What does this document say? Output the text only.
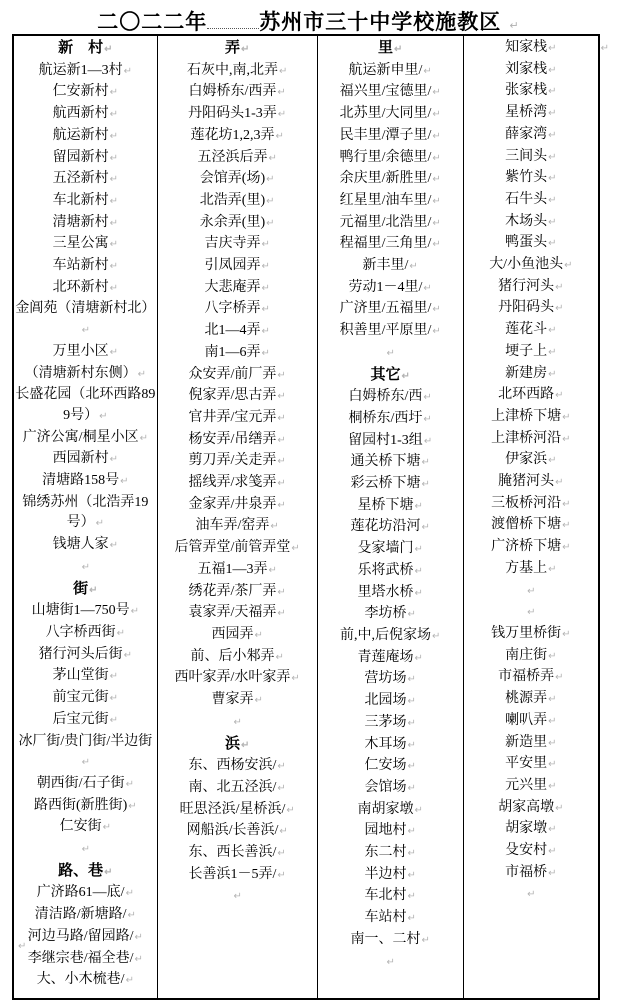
二〇二二年 苏州市三十中学校施教区 ↵
新　村 ↵
航运新1—3村 ↵
仁安新村 ↵
航西新村 ↵
航运新村 ↵
留园新村 ↵
五泾新村 ↵
车北新村 ↵
清塘新村 ↵
三星公寓 ↵
车站新村 ↵
北环新村 ↵
金阊苑（清塘新村北） ↵
万里小区 ↵
（清塘新村东侧） ↵
长盛花园（北环西路899号） ↵
广济公寓/桐星小区 ↵
西园新村 ↵
清塘路158号 ↵
锦绣苏州（北浩弄19号） ↵
钱塘人家 ↵
↵
街 ↵
山塘街1—750号 ↵
八字桥西街 ↵
猪行河头后街 ↵
茅山堂街 ↵
前宝元街 ↵
后宝元街 ↵
冰厂街/贵门街/半边街 ↵
朝西街/石子街 ↵
路西街(新胜街) ↵
仁安街 ↵
↵
路、巷 ↵
广济路61—底/ ↵
清洁路/新塘路/ ↵
河边马路/留园路/ ↵
李继宗巷/福全巷/ ↵
大、小木梳巷/ ↵
弄 ↵
石灰中,南,北弄 ↵
白姆桥东/西弄 ↵
丹阳码头1-3弄 ↵
莲花坊1,2,3弄 ↵
五泾浜后弄 ↵
会馆弄(场) ↵
北浩弄(里) ↵
永余弄(里) ↵
吉庆寺弄 ↵
引凤园弄 ↵
大悲庵弄 ↵
八字桥弄 ↵
北1—4弄 ↵
南1—6弄 ↵
众安弄/前厂弄 ↵
倪家弄/思古弄 ↵
官井弄/宝元弄 ↵
杨安弄/吊缮弄 ↵
剪刀弄/关走弄 ↵
摇线弄/求笺弄 ↵
金家弄/井泉弄 ↵
油车弄/窑弄 ↵
后管弄堂/前管弄堂 ↵
五福1—3弄 ↵
绣花弄/茶厂弄 ↵
袁家弄/天福弄 ↵
西园弄 ↵
前、后小邾弄 ↵
西叶家弄/水叶家弄 ↵
曹家弄 ↵
↵
浜 ↵
东、西杨安浜/ ↵
南、北五泾浜/ ↵
旺思泾浜/星桥浜/ ↵
网船浜/长善浜/ ↵
东、西长善浜/ ↵
长善浜1－5弄/ ↵
↵
里 ↵
航运新申里/ ↵
福兴里/宝德里/ ↵
北苏里/大同里/ ↵
民丰里/潭子里/ ↵
鸭行里/余德里/ ↵
余庆里/新胜里/ ↵
红星里/油车里/ ↵
元福里/北浩里/ ↵
程福里/三角里/ ↵
新丰里/ ↵
劳动1－4里/ ↵
广济里/五福里/ ↵
积善里/平原里/ ↵
↵
其它 ↵
白姆桥东/西 ↵
桐桥东/西圩 ↵
留园村1-3组 ↵
通关桥下塘 ↵
彩云桥下塘 ↵
星桥下塘 ↵
莲花坊沿河 ↵
殳家墙门 ↵
乐将武桥 ↵
里塔水桥 ↵
李坊桥 ↵
前,中,后倪家场 ↵
青莲庵场 ↵
营坊场 ↵
北园场 ↵
三茅场 ↵
木耳场 ↵
仁安场 ↵
会馆场 ↵
南胡家墩 ↵
园地村 ↵
东二村 ↵
半边村 ↵
车北村 ↵
车站村 ↵
南一、二村 ↵
↵
知家栈 ↵
刘家栈 ↵
张家栈 ↵
星桥湾 ↵
薛家湾 ↵
三间头 ↵
紫竹头 ↵
石牛头 ↵
木场头 ↵
鸭蛋头 ↵
大/小鱼池头 ↵
猪行河头 ↵
丹阳码头 ↵
莲花斗 ↵
埂子上 ↵
新建房 ↵
北环西路 ↵
上津桥下塘 ↵
上津桥河沿 ↵
伊家浜 ↵
腌猪河头 ↵
三板桥河沿 ↵
渡僧桥下塘 ↵
广济桥下塘 ↵
方基上 ↵
↵
↵
钱万里桥街 ↵
南庄街 ↵
市福桥弄 ↵
桃源弄 ↵
喇叭弄 ↵
新造里 ↵
平安里 ↵
元兴里 ↵
胡家高墩 ↵
胡家墩 ↵
殳安村 ↵
市福桥 ↵
↵
↵
↵
